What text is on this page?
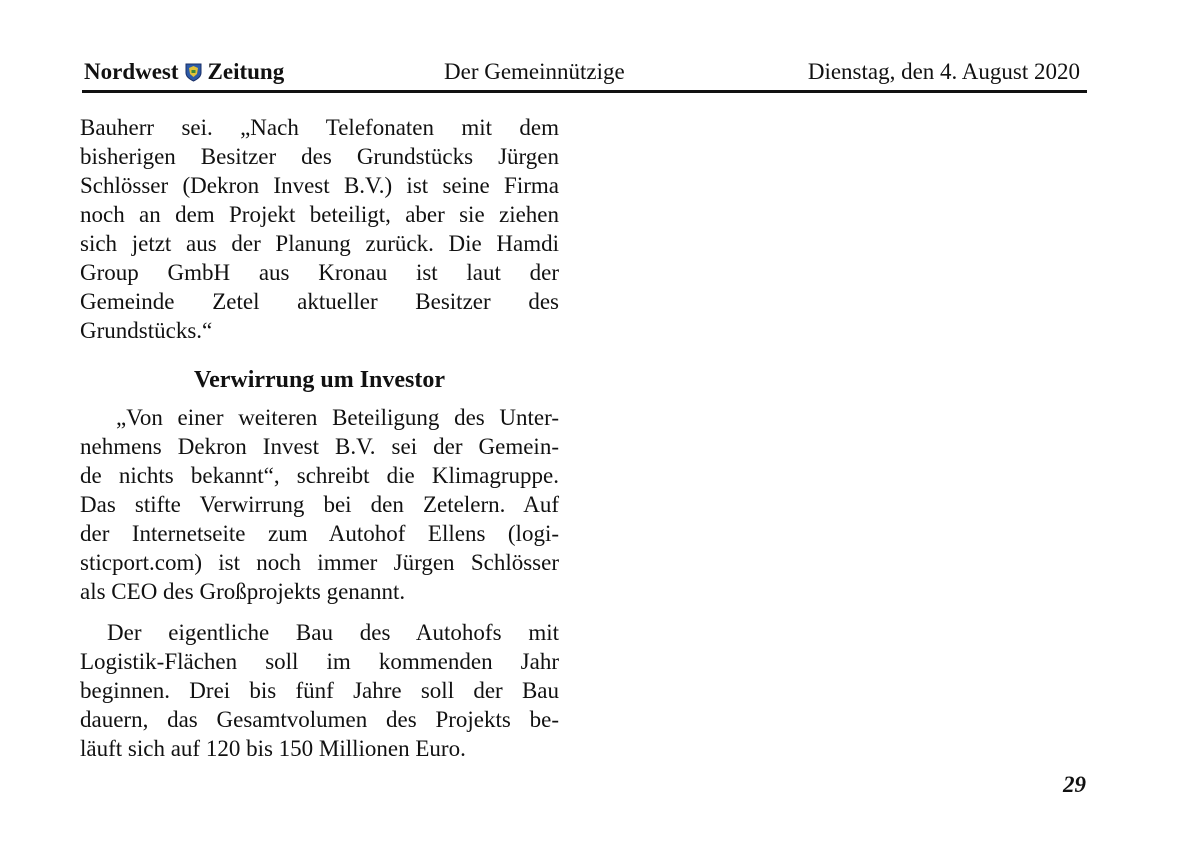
Nordwest Zeitung	Der Gemeinnützige	Dienstag, den 4. August 2020

Bauherr sei. „Nach Telefonaten mit dem
bisherigen Besitzer des Grundstücks Jürgen
Schlösser (Dekron Invest B.V.) ist seine Firma
noch an dem Projekt beteiligt, aber sie ziehen
sich jetzt aus der Planung zurück. Die Hamdi
Group GmbH aus Kronau ist laut der
Gemeinde Zetel aktueller Besitzer des
Grundstücks.“

Verwirrung um Investor

„Von einer weiteren Beteiligung des Unter-
nehmens Dekron Invest B.V. sei der Gemein-
de nichts bekannt“, schreibt die Klimagruppe.
Das stifte Verwirrung bei den Zetelern. Auf
der Internetseite zum Autohof Ellens (logi-
sticport.com) ist noch immer Jürgen Schlösser
als CEO des Großprojekts genannt.

Der eigentliche Bau des Autohofs mit
Logistik-Flächen soll im kommenden Jahr
beginnen. Drei bis fünf Jahre soll der Bau
dauern, das Gesamtvolumen des Projekts be-
läuft sich auf 120 bis 150 Millionen Euro.

29
